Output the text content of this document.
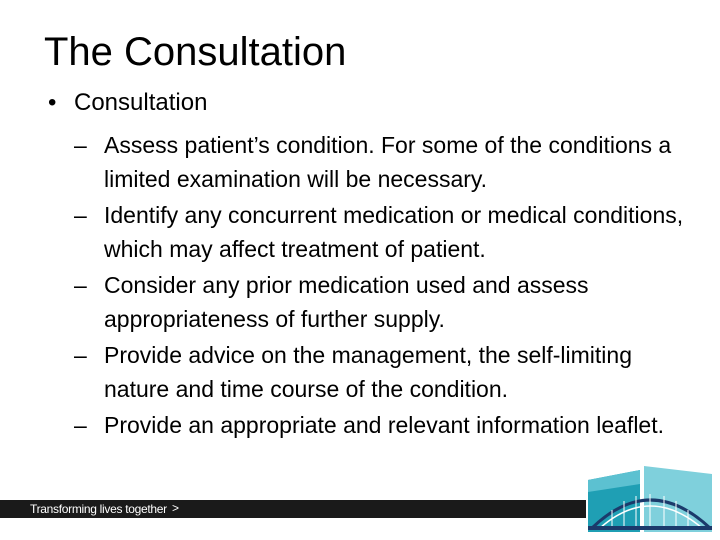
The Consultation
• Consultation
– Assess patient’s condition. For some of the conditions a limited examination will be necessary.
– Identify any concurrent medication or medical conditions, which may affect treatment of patient.
– Consider any prior medication used and assess appropriateness of further supply.
– Provide advice on the management, the self-limiting nature and time course of the condition.
– Provide an appropriate and relevant information leaflet.
Transforming lives together >
